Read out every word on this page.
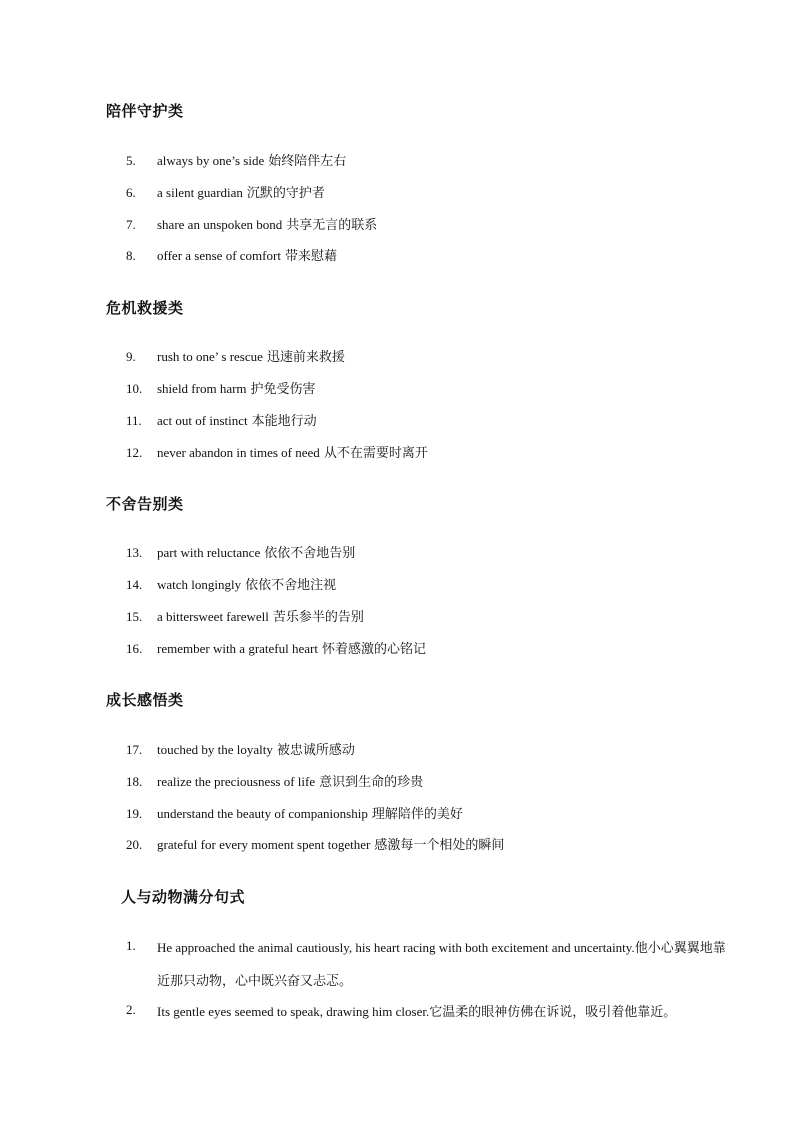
陪伴守护类
5.	always by one’s side 始终陪伴左右
6.	a silent guardian 沉默的守护者
7.	share an unspoken bond 共享无言的联系
8.	offer a sense of comfort 带来慰藉
危机救援类
9.	rush to one’ s rescue 迅速前来救援
10.	shield from harm 护免受伤害
11.	act out of instinct 本能地行动
12.	never abandon in times of need 从不在需要时离开
不舍告别类
13.	part with reluctance 依依不舍地告别
14.	watch longingly 依依不舍地注视
15.	a bittersweet farewell 苦乐参半的告别
16.	remember with a grateful heart 怀着感激的心铭记
成长感悟类
17.	touched by the loyalty 被忠诚所感动
18.	realize the preciousness of life 意识到生命的珍贵
19.	understand the beauty of companionship 理解陪伴的美好
20.	grateful for every moment spent together 感激每一个相处的瞬间
人与动物满分句式
1.	He approached the animal cautiously, his heart racing with both excitement and uncertainty.他小心翼翼地靠近那只动物，心中既兴奋又忐忑。
2.	Its gentle eyes seemed to speak, drawing him closer.它温柔的眼神仿佛在诉说，吸引着他靠近。
